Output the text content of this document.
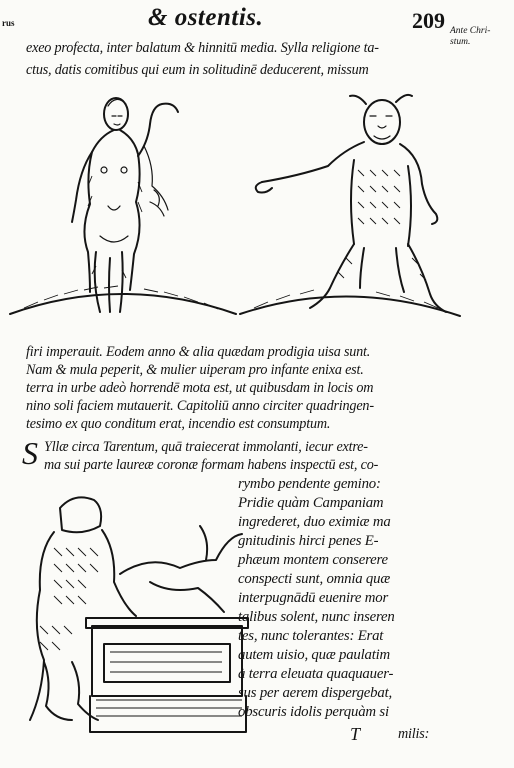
rus	& ostentis.	209 Ante Chri-
stum.
exeo profecta, inter balatum & hinnitū media. Sylla religione ta-
ctus, datis comitibus qui eum in solitudinē deducerent, missum
firi imperauit. Eodem anno & alia quædam prodigia uisa sunt.
Nam & mula peperit, & mulier uiperam pro infante enixa est.
terra in urbe adeò horrendē mota est, ut quibusdam in locis om
nino soli faciem mutauerit. Capitoliū anno circiter quadringen-
tesimo ex quo conditum erat, incendio est consumptum.
S Yllæ circa Tarentum, quā traiecerat immolanti, iecur extre-
ma sui parte laureæ coronæ formam habens inspectū est, co-
rymbo pendente gemino:
Pridie quàm Campaniam
ingrederet, duo eximiæ ma
gnitudinis hirci penes E-
phæum montem conserere
conspecti sunt, omnia quæ
interpugnādū euenire mor
talibus solent, nunc inseren
tes, nunc tolerantes: Erat
autem uisio, quæ paulatim
à terra eleuata quaquauer-
sus per aerem dispergebat,
obscuris idolis perquàm si
T	milis:
